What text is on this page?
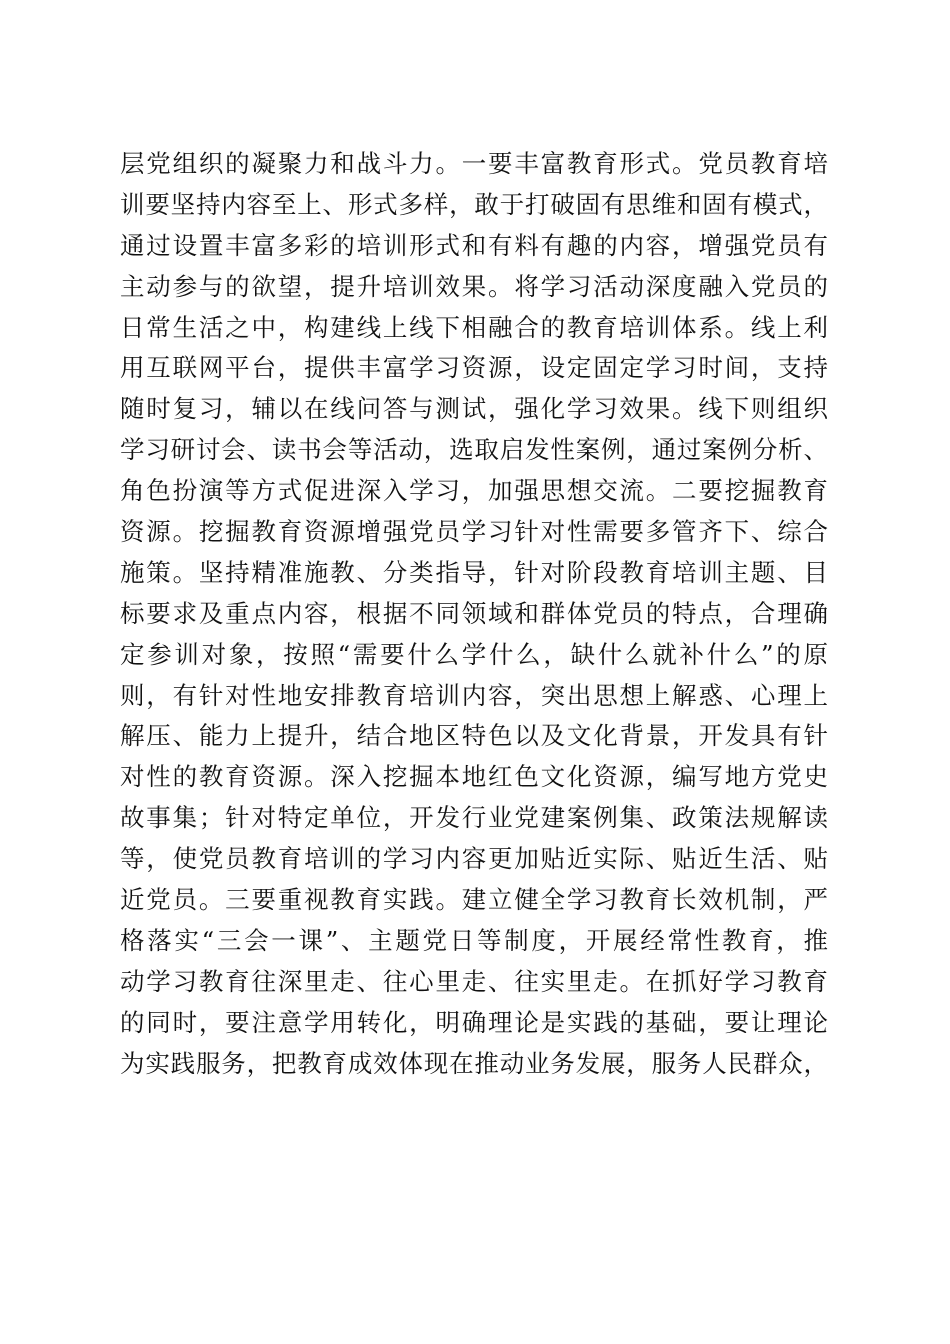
层党组织的凝聚力和战斗力。一要丰富教育形式。党员教育培
训要坚持内容至上、形式多样，敢于打破固有思维和固有模式，
通过设置丰富多彩的培训形式和有料有趣的内容，增强党员有
主动参与的欲望，提升培训效果。将学习活动深度融入党员的
日常生活之中，构建线上线下相融合的教育培训体系。线上利
用互联网平台，提供丰富学习资源，设定固定学习时间，支持
随时复习，辅以在线问答与测试，强化学习效果。线下则组织
学习研讨会、读书会等活动，选取启发性案例，通过案例分析、
角色扮演等方式促进深入学习，加强思想交流。二要挖掘教育
资源。挖掘教育资源增强党员学习针对性需要多管齐下、综合
施策。坚持精准施教、分类指导，针对阶段教育培训主题、目
标要求及重点内容，根据不同领域和群体党员的特点，合理确
定参训对象，按照“需要什么学什么，缺什么就补什么”的原
则，有针对性地安排教育培训内容，突出思想上解惑、心理上
解压、能力上提升，结合地区特色以及文化背景，开发具有针
对性的教育资源。深入挖掘本地红色文化资源，编写地方党史
故事集；针对特定单位，开发行业党建案例集、政策法规解读
等，使党员教育培训的学习内容更加贴近实际、贴近生活、贴
近党员。三要重视教育实践。建立健全学习教育长效机制，严
格落实“三会一课”、主题党日等制度，开展经常性教育，推
动学习教育往深里走、往心里走、往实里走。在抓好学习教育
的同时，要注意学用转化，明确理论是实践的基础，要让理论
为实践服务，把教育成效体现在推动业务发展，服务人民群众，
